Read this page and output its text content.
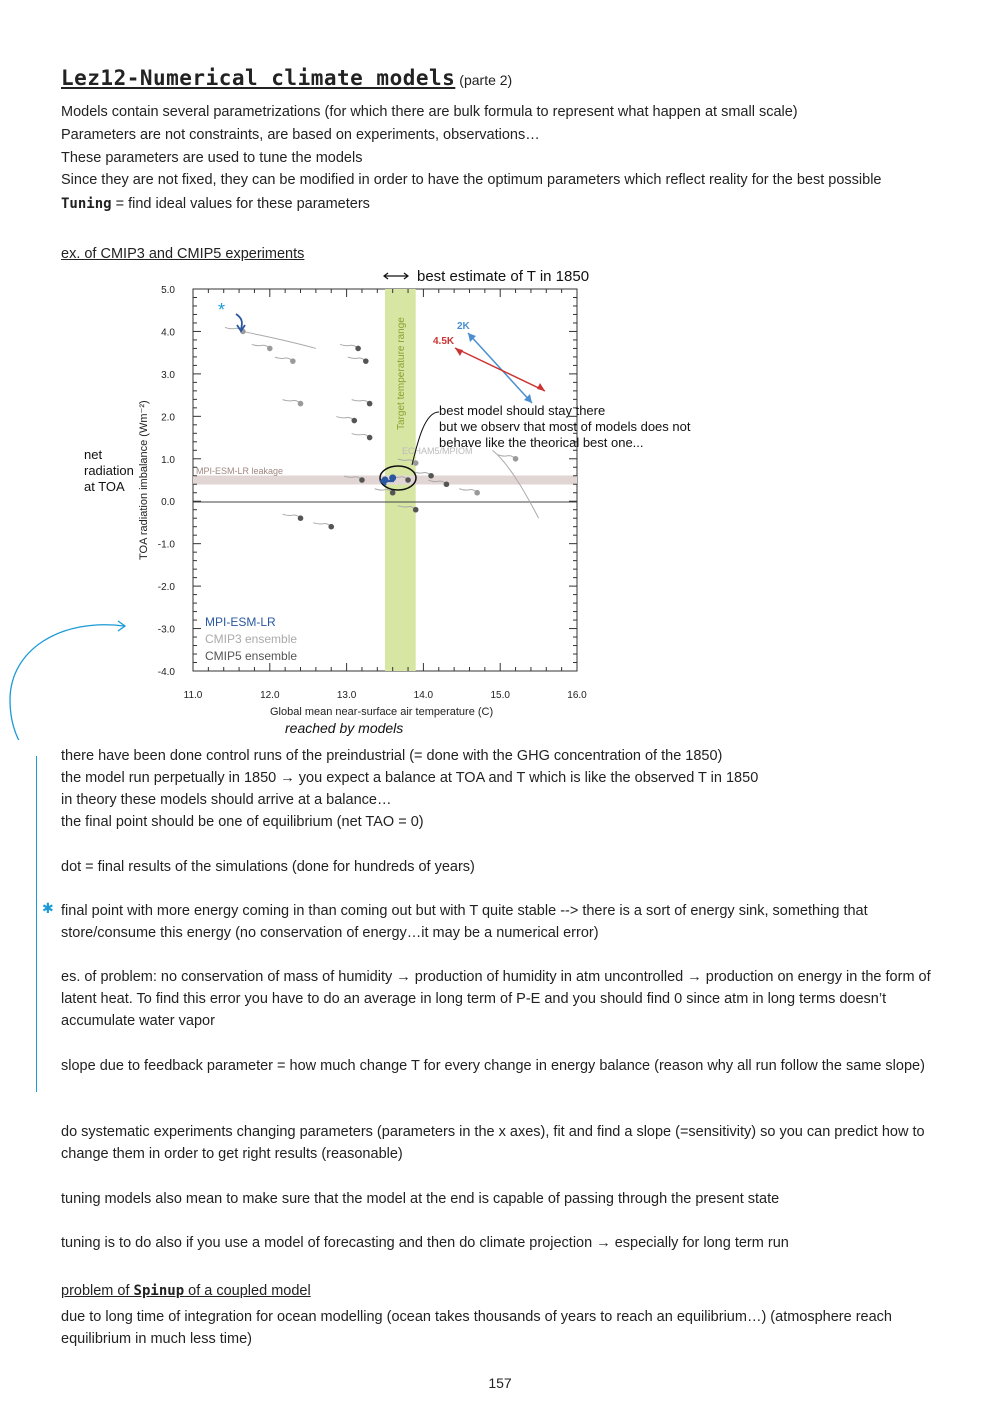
Lez12-Numerical climate models (parte 2)
Models contain several parametrizations (for which there are bulk formula to represent what happen at small scale)
Parameters are not constraints, are based on experiments, observations…
These parameters are used to tune the models
Since they are not fixed, they can be modified in order to have the optimum parameters which reflect reality for the best possible
Tuning = find ideal values for these parameters
ex. of CMIP3 and CMIP5 experiments
5.0
4.0
3.0
2.0
1.0
0.0
-1.0
-2.0
-3.0
-4.0
11.0	12.0	13.0	14.0	15.0	16.0
Target temperature range
MPI-ESM-LR leakage
ECHAM5/MPIOM
TOA radiation imbalance (Wm⁻²)
Global mean near-surface air temperature (C)
net
radiation
at TOA
best estimate of T in 1850
2K
4.5K
best model should stay there
but we observ that most of models does not
behave like the theorical best one...
*
MPI-ESM-LR
CMIP3 ensemble
CMIP5 ensemble
reached by models
there have been done control runs of the preindustrial (= done with the GHG concentration of the 1850)
the model run perpetually in 1850 → you expect a balance at TOA and T which is like the observed T in 1850
in theory these models should arrive at a balance…
the final point should be one of equilibrium (net TAO = 0)
dot = final results of the simulations (done for hundreds of years)
✱ final point with more energy coming in than coming out but with T quite stable --> there is a sort of energy sink, something that store/consume this energy (no conservation of energy…it may be a numerical error)
es. of problem: no conservation of mass of humidity → production of humidity in atm uncontrolled → production on energy in the form of latent heat. To find this error you have to do an average in long term of P-E and you should find 0 since atm in long terms doesn’t accumulate water vapor
slope due to feedback parameter = how much change T for every change in energy balance (reason why all run follow the same slope)
do systematic experiments changing parameters (parameters in the x axes), fit and find a slope (=sensitivity) so you can predict how to change them in order to get right results (reasonable)
tuning models also mean to make sure that the model at the end is capable of passing through the present state
tuning is to do also if you use a model of forecasting and then do climate projection → especially for long term run
problem of Spinup of a coupled model
due to long time of integration for ocean modelling (ocean takes thousands of years to reach an equilibrium…) (atmosphere reach equilibrium in much less time)
157
